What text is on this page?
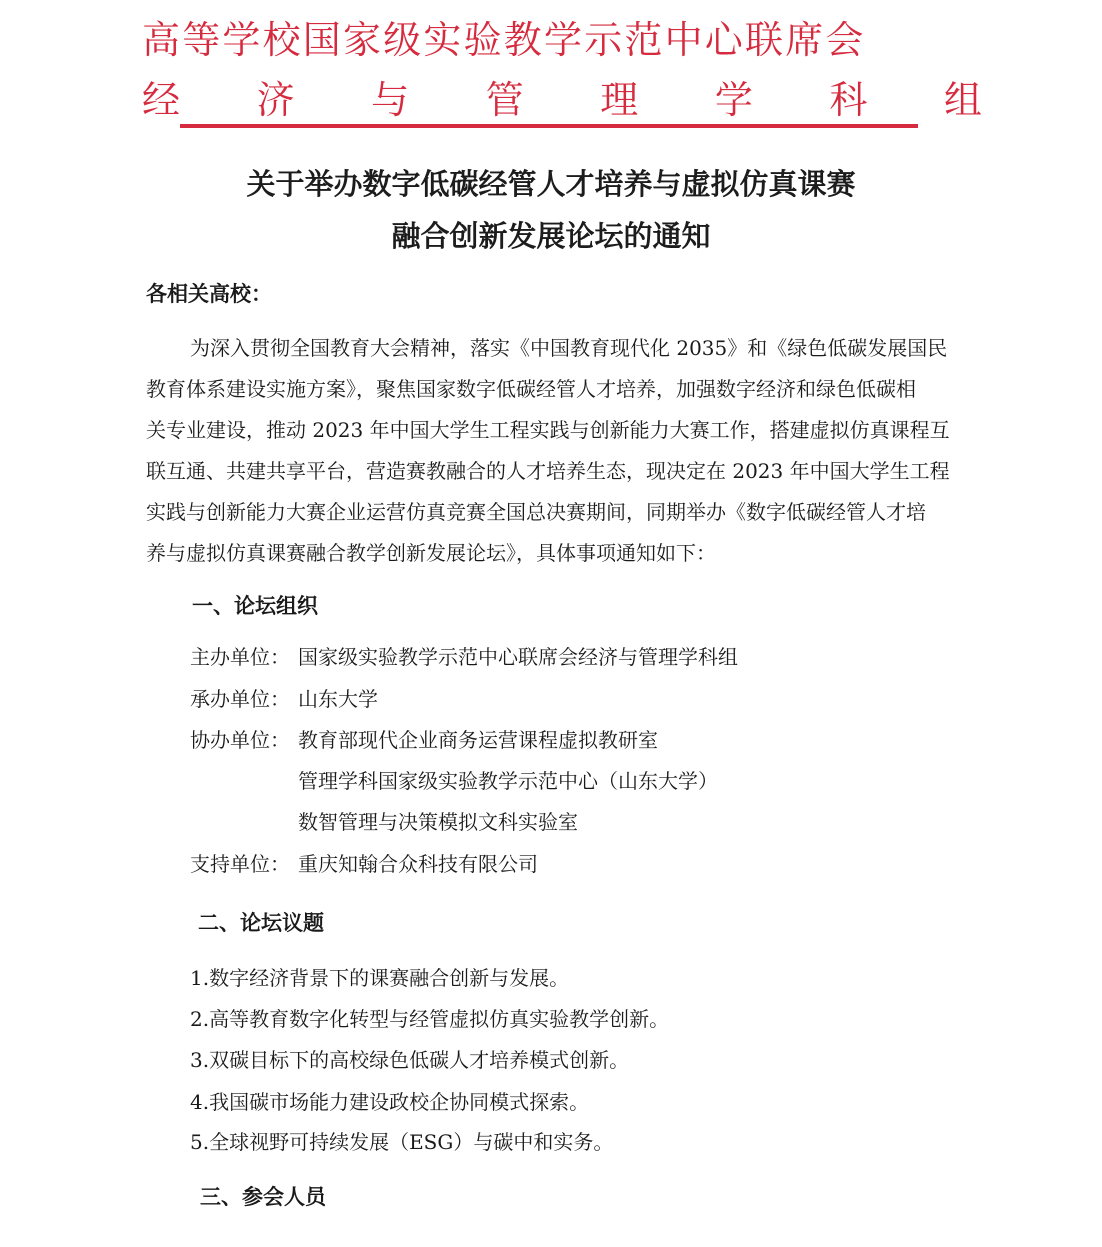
高等学校国家级实验教学示范中心联席会
经 济 与 管 理 学 科 组
关于举办数字低碳经管人才培养与虚拟仿真课赛
融合创新发展论坛的通知
各相关高校：
为深入贯彻全国教育大会精神，落实《中国教育现代化 2035》和《绿色低碳发展国民
教育体系建设实施方案》，聚焦国家数字低碳经管人才培养，加强数字经济和绿色低碳相
关专业建设，推动 2023 年中国大学生工程实践与创新能力大赛工作，搭建虚拟仿真课程互
联互通、共建共享平台，营造赛教融合的人才培养生态，现决定在 2023 年中国大学生工程
实践与创新能力大赛企业运营仿真竞赛全国总决赛期间，同期举办《数字低碳经管人才培
养与虚拟仿真课赛融合教学创新发展论坛》，具体事项通知如下：
一、论坛组织
主办单位： 国家级实验教学示范中心联席会经济与管理学科组
承办单位： 山东大学
协办单位： 教育部现代企业商务运营课程虚拟教研室
管理学科国家级实验教学示范中心（山东大学）
数智管理与决策模拟文科实验室
支持单位： 重庆知翰合众科技有限公司
二、论坛议题
1.数字经济背景下的课赛融合创新与发展。
2.高等教育数字化转型与经管虚拟仿真实验教学创新。
3.双碳目标下的高校绿色低碳人才培养模式创新。
4.我国碳市场能力建设政校企协同模式探索。
5.全球视野可持续发展（ESG）与碳中和实务。
三、参会人员
